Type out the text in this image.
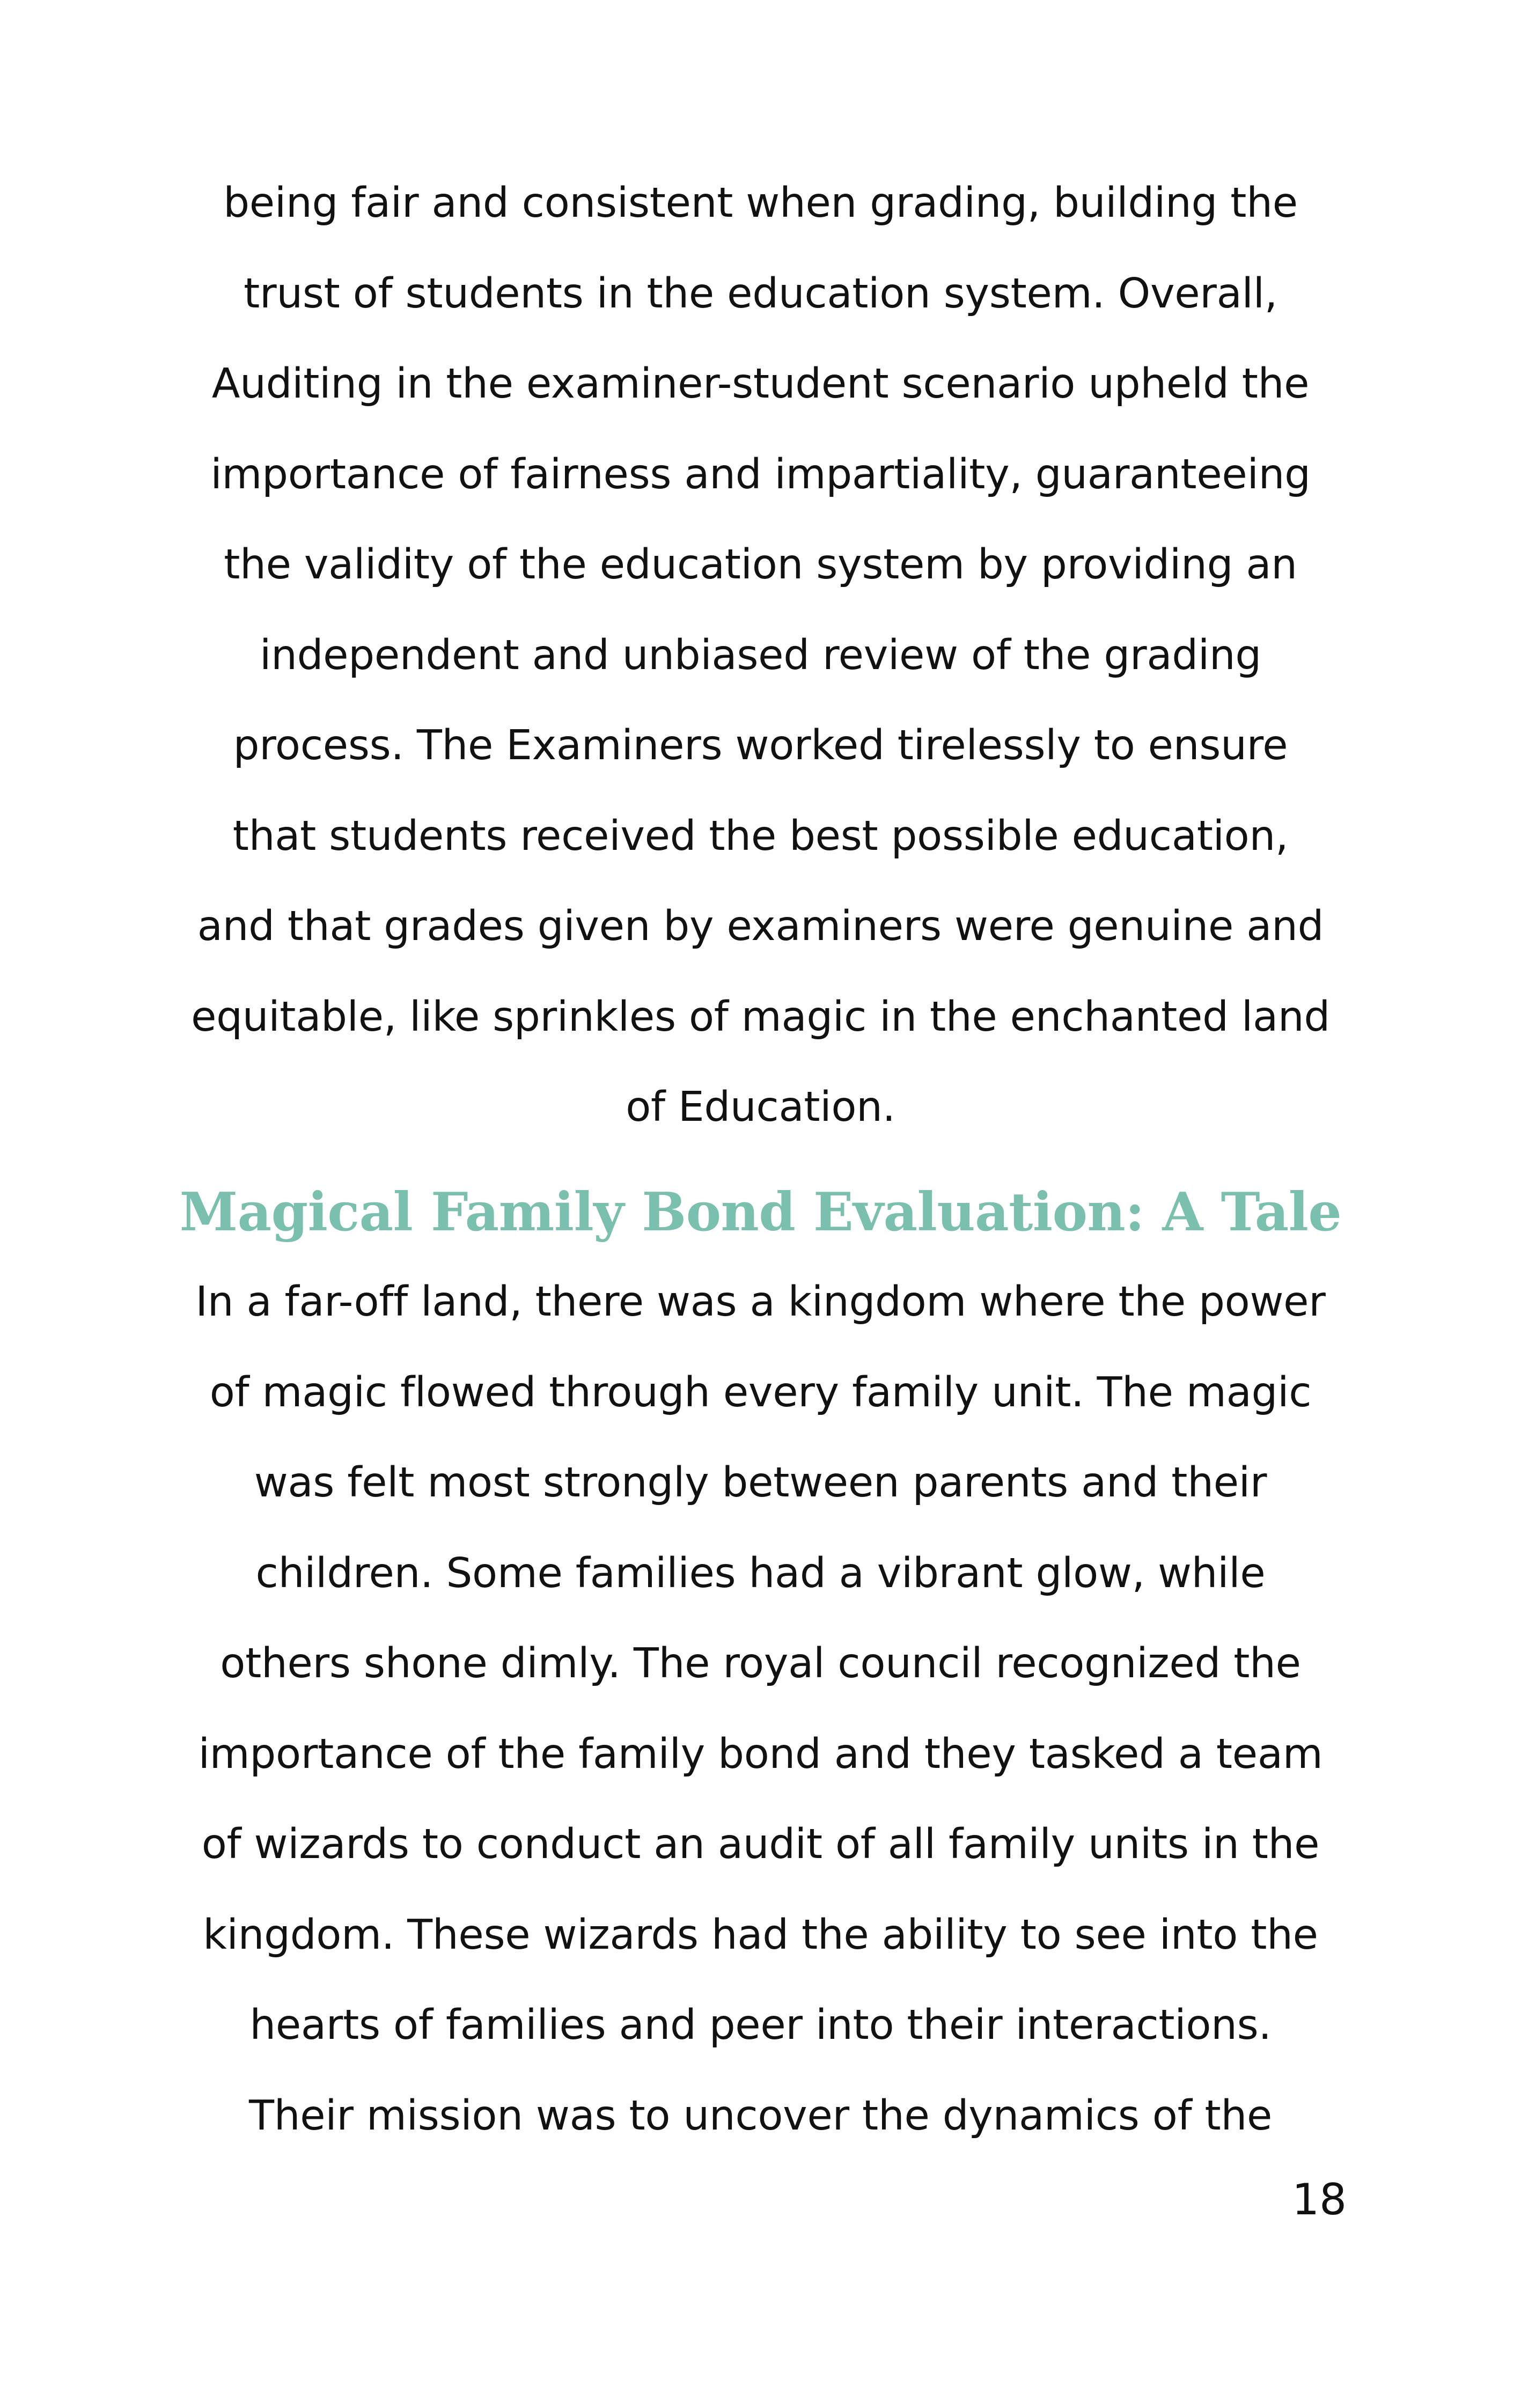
being fair and consistent when grading, building the
trust of students in the education system. Overall,
Auditing in the examiner-student scenario upheld the
importance of fairness and impartiality, guaranteeing
the validity of the education system by providing an
independent and unbiased review of the grading
process. The Examiners worked tirelessly to ensure
that students received the best possible education,
and that grades given by examiners were genuine and
equitable, like sprinkles of magic in the enchanted land
of Education.

Magical Family Bond Evaluation: A Tale

In a far-off land, there was a kingdom where the power
of magic flowed through every family unit. The magic
was felt most strongly between parents and their
children. Some families had a vibrant glow, while
others shone dimly. The royal council recognized the
importance of the family bond and they tasked a team
of wizards to conduct an audit of all family units in the
kingdom. These wizards had the ability to see into the
hearts of families and peer into their interactions.
Their mission was to uncover the dynamics of the

18
